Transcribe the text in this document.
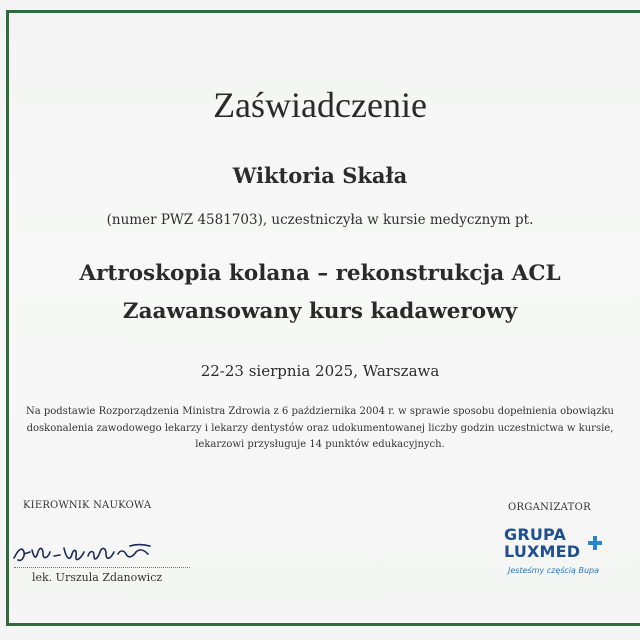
Zaświadczenie
Wiktoria Skała
(numer PWZ 4581703), uczestniczyła w kursie medycznym pt.
Artroskopia kolana – rekonstrukcja ACL
Zaawansowany kurs kadawerowy
22-23 sierpnia 2025, Warszawa
Na podstawie Rozporządzenia Ministra Zdrowia z 6 października 2004 r. w sprawie sposobu dopełnienia obowiązku
doskonalenia zawodowego lekarzy i lekarzy dentystów oraz udokumentowanej liczby godzin uczestnictwa w kursie,
lekarzowi przysługuje 14 punktów edukacyjnych.
KIEROWNIK NAUKOWA	ORGANIZATOR
lek. Urszula Zdanowicz
GRUPA
LUXMED
Jesteśmy częścią Bupa
